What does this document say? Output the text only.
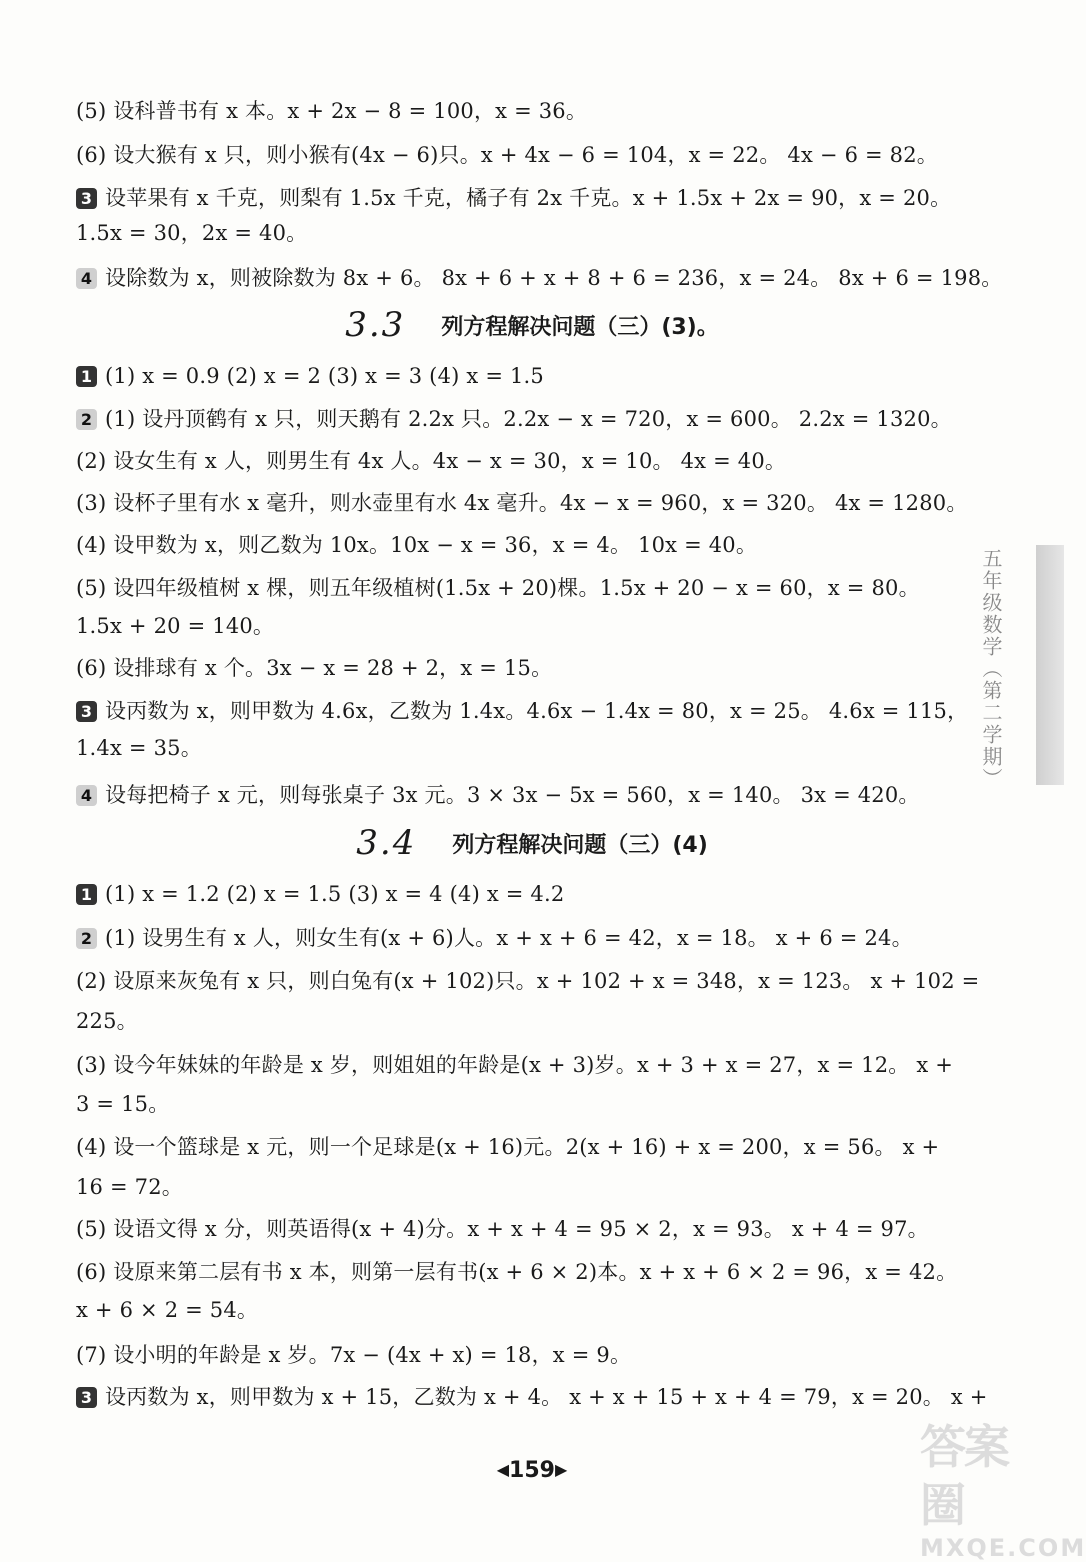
(5) 设科普书有 x 本。x + 2x − 8 = 100，x = 36。
(6) 设大猴有 x 只，则小猴有(4x − 6)只。x + 4x − 6 = 104，x = 22。 4x − 6 = 82。
3 设苹果有 x 千克，则梨有 1.5x 千克，橘子有 2x 千克。x + 1.5x + 2x = 90，x = 20。
1.5x = 30，2x = 40。
4 设除数为 x，则被除数为 8x + 6。 8x + 6 + x + 8 + 6 = 236，x = 24。 8x + 6 = 198。
3.3 列方程解决问题（三）(3)。
1 (1) x = 0.9 (2) x = 2 (3) x = 3 (4) x = 1.5
2 (1) 设丹顶鹤有 x 只，则天鹅有 2.2x 只。2.2x − x = 720，x = 600。 2.2x = 1320。
(2) 设女生有 x 人，则男生有 4x 人。4x − x = 30，x = 10。 4x = 40。
(3) 设杯子里有水 x 毫升，则水壶里有水 4x 毫升。4x − x = 960，x = 320。 4x = 1280。
(4) 设甲数为 x，则乙数为 10x。10x − x = 36，x = 4。 10x = 40。
(5) 设四年级植树 x 棵，则五年级植树(1.5x + 20)棵。1.5x + 20 − x = 60，x = 80。
1.5x + 20 = 140。
(6) 设排球有 x 个。3x − x = 28 + 2，x = 15。
3 设丙数为 x，则甲数为 4.6x，乙数为 1.4x。4.6x − 1.4x = 80，x = 25。 4.6x = 115，
1.4x = 35。
4 设每把椅子 x 元，则每张桌子 3x 元。3 × 3x − 5x = 560，x = 140。 3x = 420。
3.4 列方程解决问题（三）(4)
1 (1) x = 1.2 (2) x = 1.5 (3) x = 4 (4) x = 4.2
2 (1) 设男生有 x 人，则女生有(x + 6)人。x + x + 6 = 42，x = 18。 x + 6 = 24。
(2) 设原来灰兔有 x 只，则白兔有(x + 102)只。x + 102 + x = 348，x = 123。 x + 102 =
225。
(3) 设今年妹妹的年龄是 x 岁，则姐姐的年龄是(x + 3)岁。x + 3 + x = 27，x = 12。 x +
3 = 15。
(4) 设一个篮球是 x 元，则一个足球是(x + 16)元。2(x + 16) + x = 200，x = 56。 x +
16 = 72。
(5) 设语文得 x 分，则英语得(x + 4)分。x + x + 4 = 95 × 2，x = 93。 x + 4 = 97。
(6) 设原来第二层有书 x 本，则第一层有书(x + 6 × 2)本。x + x + 6 × 2 = 96，x = 42。
x + 6 × 2 = 54。
(7) 设小明的年龄是 x 岁。7x − (4x + x) = 18，x = 9。
3 设丙数为 x，则甲数为 x + 15，乙数为 x + 4。 x + x + 15 + x + 4 = 79，x = 20。 x +
五年级数学（第二学期）
◀159▶	答案圈
MXQE.COM
